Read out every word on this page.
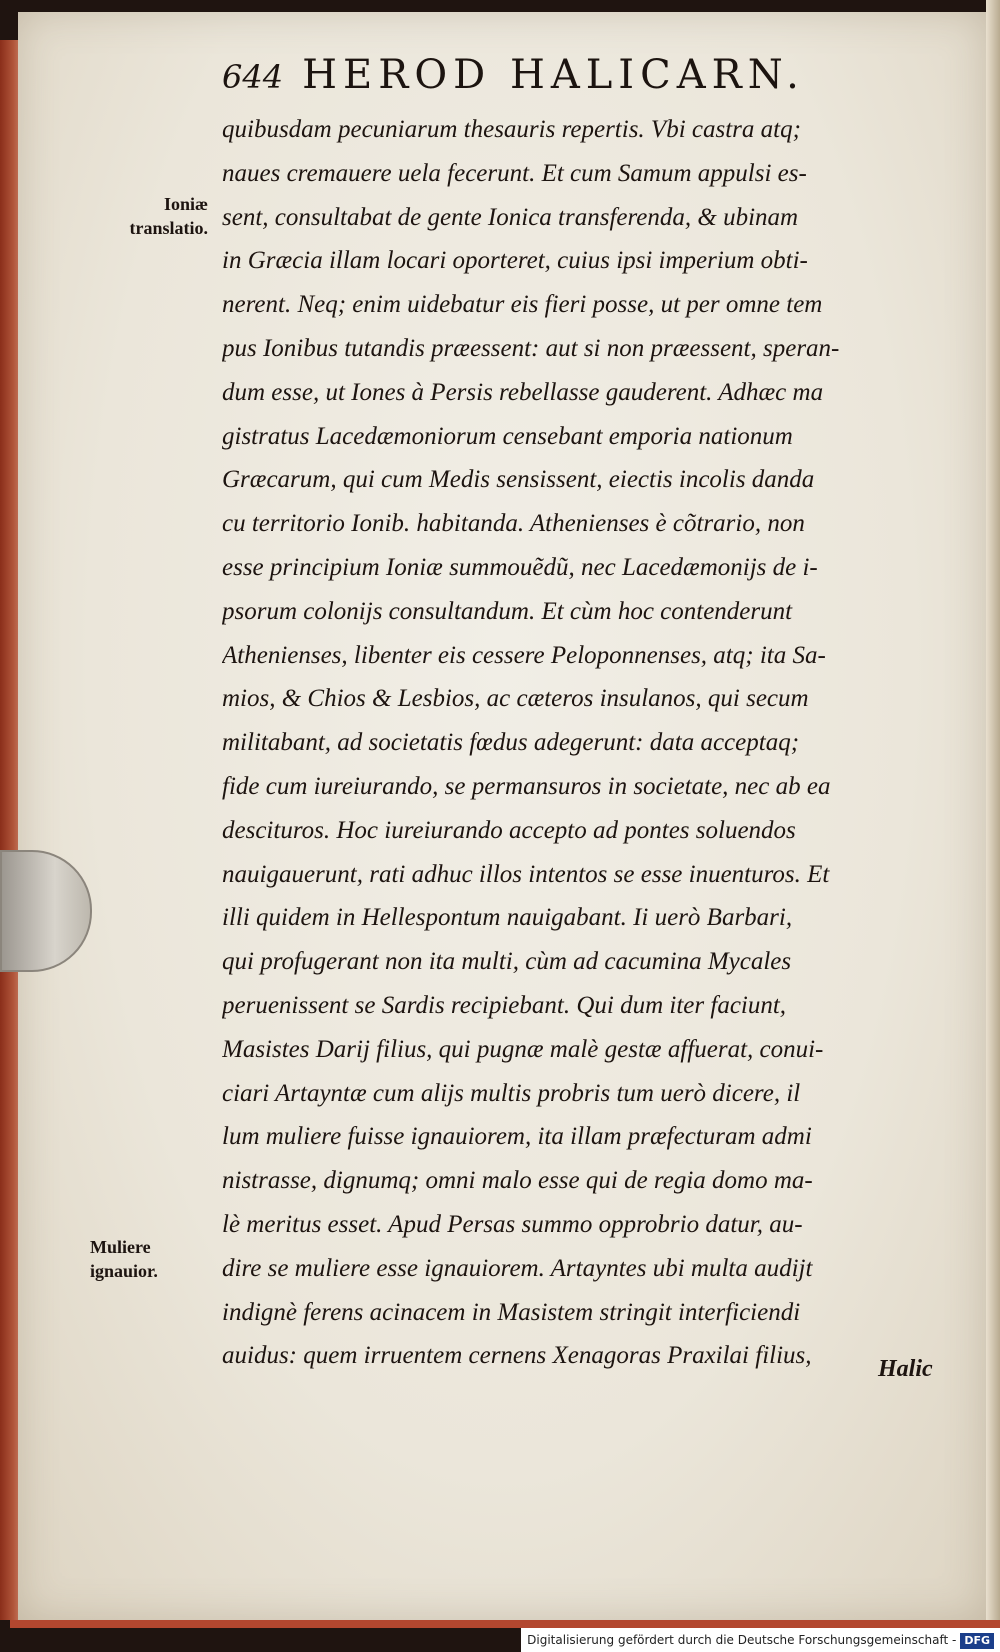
644 HEROD HALICARN.
Ioniæ
translatio.
Muliere
ignauior.
quibusdam pecuniarum thesauris repertis. Vbi castra atq;
naues cremauere uela fecerunt. Et cum Samum appulsi es-
sent, consultabat de gente Ionica transferenda, & ubinam
in Græcia illam locari oporteret, cuius ipsi imperium obti-
nerent. Neq; enim uidebatur eis fieri posse, ut per omne tem
pus Ionibus tutandis præessent: aut si non præessent, speran-
dum esse, ut Iones à Persis rebellasse gauderent. Adhæc ma
gistratus Lacedæmoniorum censebant emporia nationum
Græcarum, qui cum Medis sensissent, eiectis incolis danda
cu territorio Ionib. habitanda. Athenienses è cõtrario, non
esse principium Ioniæ summouẽdũ, nec Lacedæmonijs de i-
psorum colonijs consultandum. Et cùm hoc contenderunt
Athenienses, libenter eis cessere Peloponnenses, atq; ita Sa-
mios, & Chios & Lesbios, ac cæteros insulanos, qui secum
militabant, ad societatis fœdus adegerunt: data acceptaq;
fide cum iureiurando, se permansuros in societate, nec ab ea
descituros. Hoc iureiurando accepto ad pontes soluendos
nauigauerunt, rati adhuc illos intentos se esse inuenturos. Et
illi quidem in Hellespontum nauigabant. Ii uerò Barbari,
qui profugerant non ita multi, cùm ad cacumina Mycales
peruenissent se Sardis recipiebant. Qui dum iter faciunt,
Masistes Darij filius, qui pugnæ malè gestæ affuerat, conui-
ciari Artayntæ cum alijs multis probris tum uerò dicere, il
lum muliere fuisse ignauiorem, ita illam præfecturam admi
nistrasse, dignumq; omni malo esse qui de regia domo ma-
lè meritus esset. Apud Persas summo opprobrio datur, au-
dire se muliere esse ignauiorem. Artayntes ubi multa audijt
indignè ferens acinacem in Masistem stringit interficiendi
auidus: quem irruentem cernens Xenagoras Praxilai filius,	Halic
Digitalisierung gefördert durch die Deutsche Forschungsgemeinschaft - DFG
